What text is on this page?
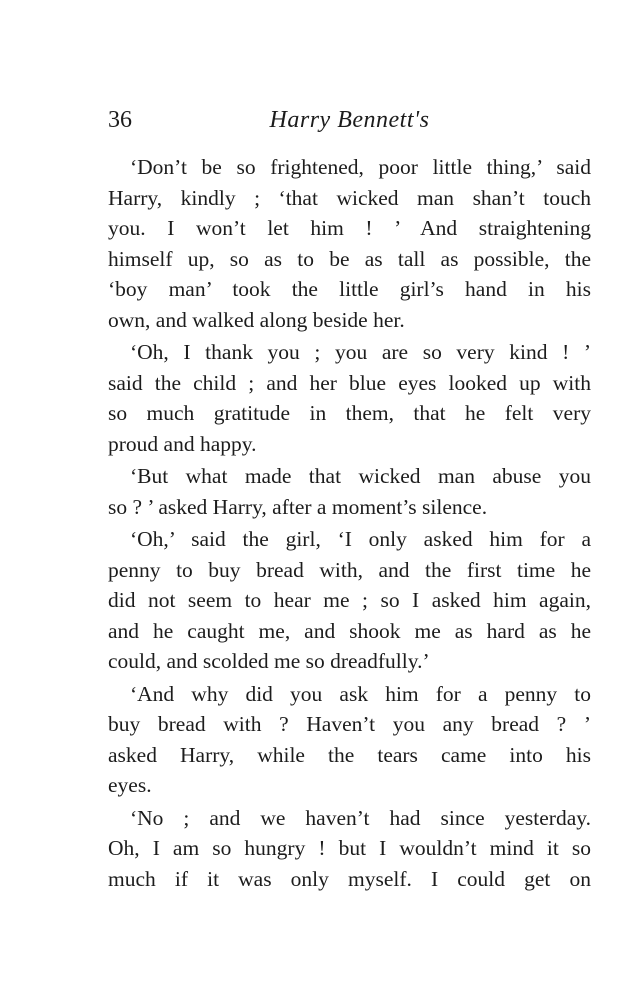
36	Harry Bennett's
‘Don’t be so frightened, poor little thing,’ said
Harry, kindly ; ‘that wicked man shan’t touch
you. I won’t let him ! ’ And straightening
himself up, so as to be as tall as possible, the
‘boy man’ took the little girl’s hand in his
own, and walked along beside her.
‘Oh, I thank you ; you are so very kind ! ’
said the child ; and her blue eyes looked up with
so much gratitude in them, that he felt very
proud and happy.
‘But what made that wicked man abuse you
so ? ’ asked Harry, after a moment’s silence.
‘Oh,’ said the girl, ‘I only asked him for a
penny to buy bread with, and the first time he
did not seem to hear me ; so I asked him again,
and he caught me, and shook me as hard as he
could, and scolded me so dreadfully.’
‘And why did you ask him for a penny to
buy bread with ? Haven’t you any bread ? ’
asked Harry, while the tears came into his
eyes.
‘No ; and we haven’t had since yesterday.
Oh, I am so hungry ! but I wouldn’t mind it so
much if it was only myself. I could get on
